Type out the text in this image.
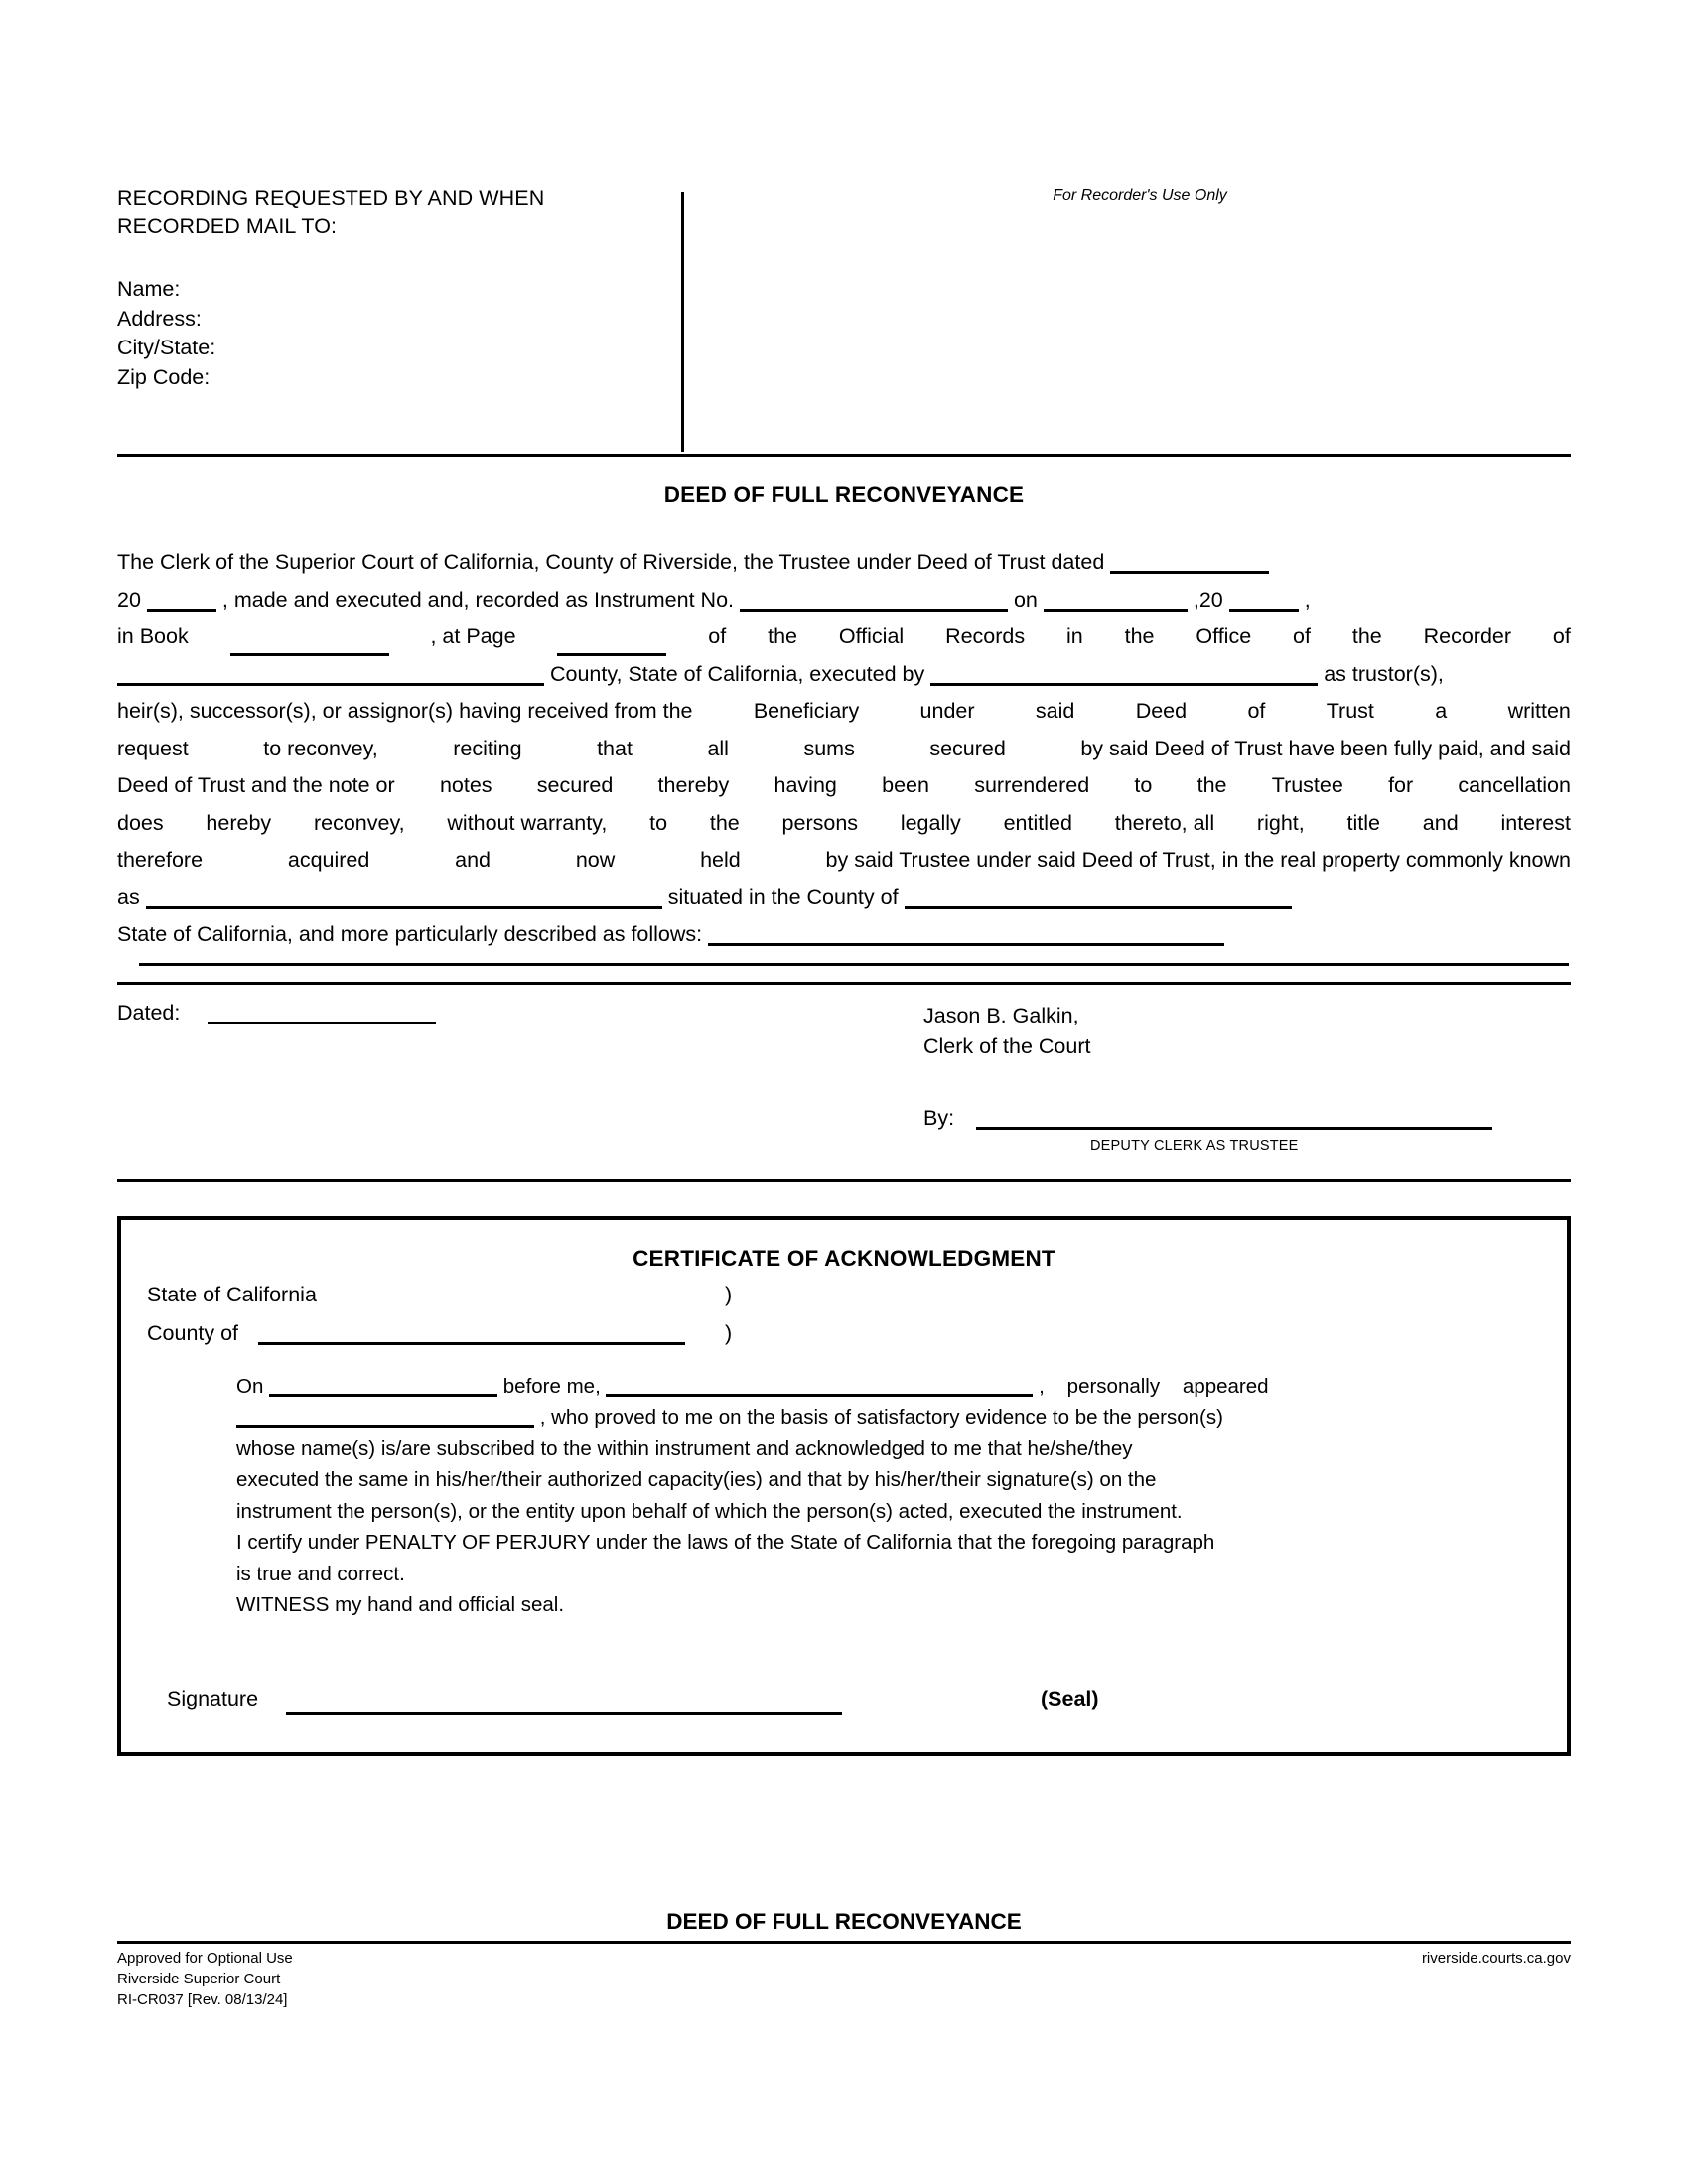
RECORDING REQUESTED BY AND WHEN
RECORDED MAIL TO:
Name:
Address:
City/State:
Zip Code:
For Recorder's Use Only
DEED OF FULL RECONVEYANCE
The Clerk of the Superior Court of California, County of Riverside, the Trustee under Deed of Trust dated
20	, made and executed and, recorded as Instrument No.	on	,20	,
in Book	, at Page	of the Official Records in the Office of the Recorder of
County, State of California, executed by	as trustor(s),
heir(s), successor(s), or assignor(s) having received from the	Beneficiary	under	said	Deed	of	Trust	a	written
request	to reconvey,	reciting	that	all	sums	secured	by said Deed of Trust have been fully paid, and said
Deed of Trust and the note or notes secured thereby having been surrendered to the Trustee for cancellation
does hereby reconvey, without warranty, to the persons legally entitled thereto, all right, title and interest
therefore	acquired	and	now	held	by said Trustee under said Deed of Trust, in the real property commonly known
as	situated in the County of
State of California, and more particularly described as follows:
Dated:	Jason B. Galkin,
Clerk of the Court
By:
DEPUTY CLERK AS TRUSTEE
CERTIFICATE OF ACKNOWLEDGMENT
State of California	)
County of	)
On	before me,	, personally appeared
, who proved to me on the basis of satisfactory evidence to be the person(s)
whose name(s) is/are subscribed to the within instrument and acknowledged to me that he/she/they
executed the same in his/her/their authorized capacity(ies) and that by his/her/their signature(s) on the
instrument the person(s), or the entity upon behalf of which the person(s) acted, executed the instrument.
I certify under PENALTY OF PERJURY under the laws of the State of California that the foregoing paragraph
is true and correct.
WITNESS my hand and official seal.
Signature	(Seal)
DEED OF FULL RECONVEYANCE
Approved for Optional Use
Riverside Superior Court
RI-CR037 [Rev. 08/13/24]
riverside.courts.ca.gov
